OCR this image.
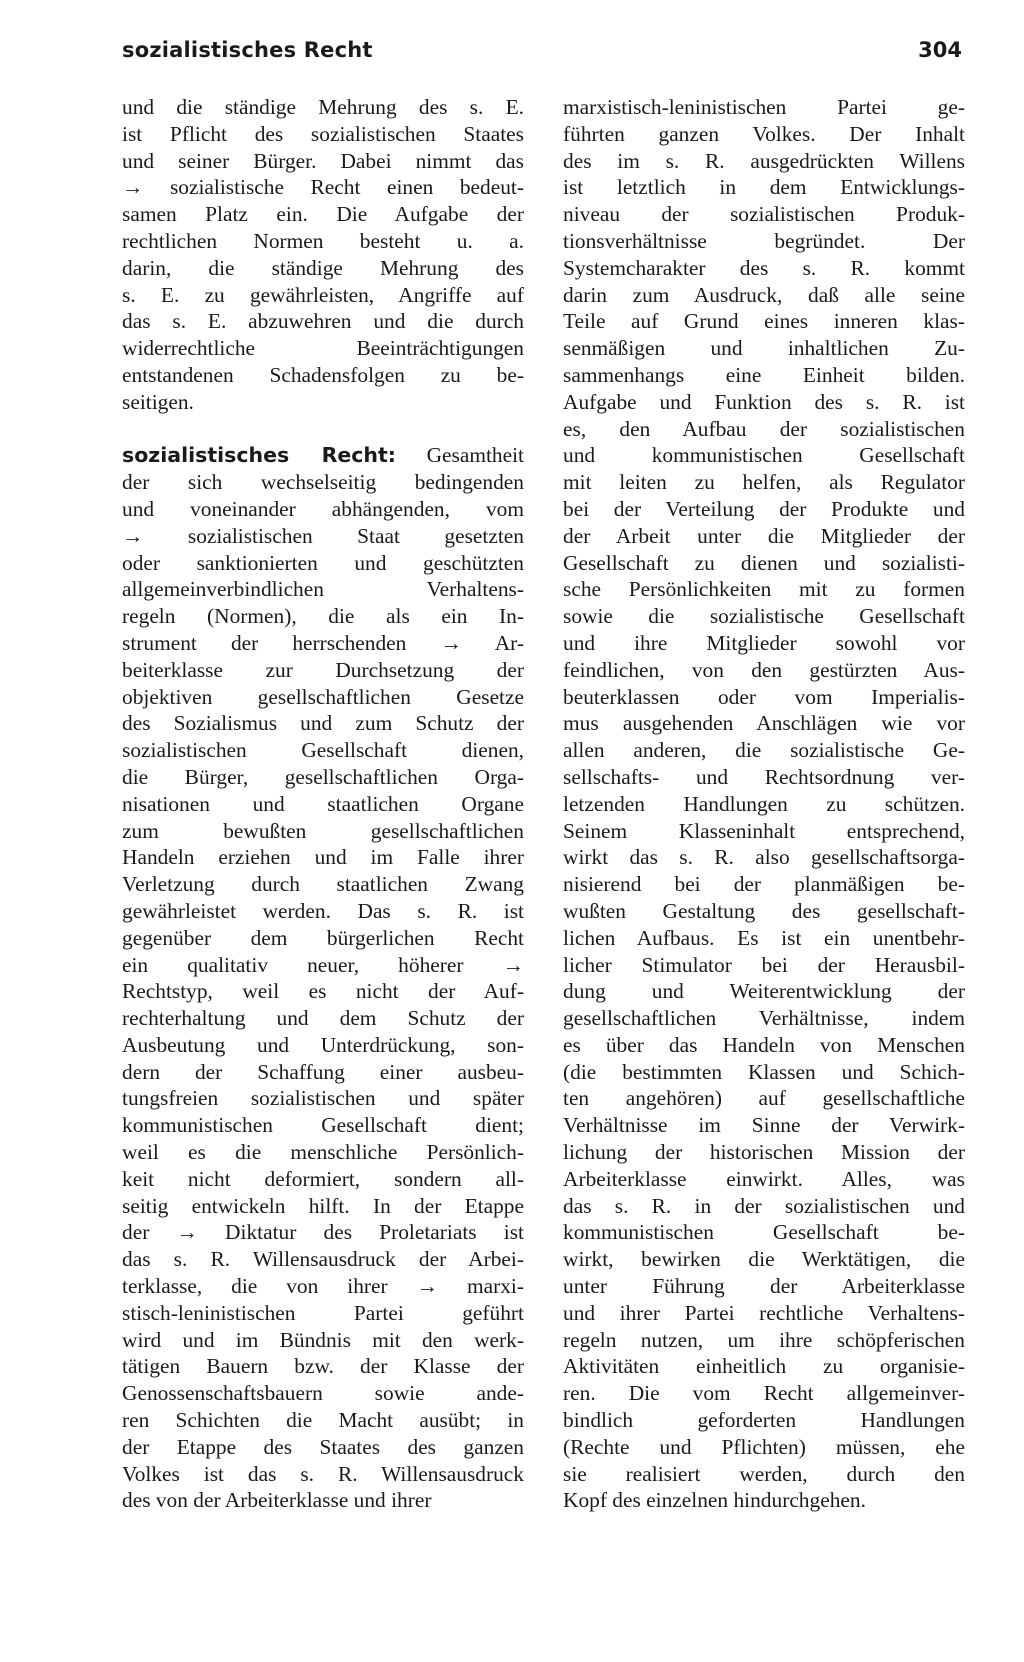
sozialistisches Recht	304
und die ständige Mehrung des s. E.
ist Pflicht des sozialistischen Staates
und seiner Bürger. Dabei nimmt das
→ sozialistische Recht einen bedeut-
samen Platz ein. Die Aufgabe der
rechtlichen Normen besteht u. a.
darin, die ständige Mehrung des
s. E. zu gewährleisten, Angriffe auf
das s. E. abzuwehren und die durch
widerrechtliche Beeinträchtigungen
entstandenen Schadensfolgen zu be-
seitigen.
sozialistisches Recht: Gesamtheit
der sich wechselseitig bedingenden
und voneinander abhängenden, vom
→ sozialistischen Staat gesetzten
oder sanktionierten und geschützten
allgemeinverbindlichen Verhaltens-
regeln (Normen), die als ein In-
strument der herrschenden → Ar-
beiterklasse zur Durchsetzung der
objektiven gesellschaftlichen Gesetze
des Sozialismus und zum Schutz der
sozialistischen Gesellschaft dienen,
die Bürger, gesellschaftlichen Orga-
nisationen und staatlichen Organe
zum bewußten gesellschaftlichen
Handeln erziehen und im Falle ihrer
Verletzung durch staatlichen Zwang
gewährleistet werden. Das s. R. ist
gegenüber dem bürgerlichen Recht
ein qualitativ neuer, höherer →
Rechtstyp, weil es nicht der Auf-
rechterhaltung und dem Schutz der
Ausbeutung und Unterdrückung, son-
dern der Schaffung einer ausbeu-
tungsfreien sozialistischen und später
kommunistischen Gesellschaft dient;
weil es die menschliche Persönlich-
keit nicht deformiert, sondern all-
seitig entwickeln hilft. In der Etappe
der → Diktatur des Proletariats ist
das s. R. Willensausdruck der Arbei-
terklasse, die von ihrer → marxi-
stisch-leninistischen Partei geführt
wird und im Bündnis mit den werk-
tätigen Bauern bzw. der Klasse der
Genossenschaftsbauern sowie ande-
ren Schichten die Macht ausübt; in
der Etappe des Staates des ganzen
Volkes ist das s. R. Willensausdruck
des von der Arbeiterklasse und ihrer
marxistisch-leninistischen Partei ge-
führten ganzen Volkes. Der Inhalt
des im s. R. ausgedrückten Willens
ist letztlich in dem Entwicklungs-
niveau der sozialistischen Produk-
tionsverhältnisse begründet. Der
Systemcharakter des s. R. kommt
darin zum Ausdruck, daß alle seine
Teile auf Grund eines inneren klas-
senmäßigen und inhaltlichen Zu-
sammenhangs eine Einheit bilden.
Aufgabe und Funktion des s. R. ist
es, den Aufbau der sozialistischen
und kommunistischen Gesellschaft
mit leiten zu helfen, als Regulator
bei der Verteilung der Produkte und
der Arbeit unter die Mitglieder der
Gesellschaft zu dienen und sozialisti-
sche Persönlichkeiten mit zu formen
sowie die sozialistische Gesellschaft
und ihre Mitglieder sowohl vor
feindlichen, von den gestürzten Aus-
beuterklassen oder vom Imperialis-
mus ausgehenden Anschlägen wie vor
allen anderen, die sozialistische Ge-
sellschafts- und Rechtsordnung ver-
letzenden Handlungen zu schützen.
Seinem Klasseninhalt entsprechend,
wirkt das s. R. also gesellschaftsorga-
nisierend bei der planmäßigen be-
wußten Gestaltung des gesellschaft-
lichen Aufbaus. Es ist ein unentbehr-
licher Stimulator bei der Herausbil-
dung und Weiterentwicklung der
gesellschaftlichen Verhältnisse, indem
es über das Handeln von Menschen
(die bestimmten Klassen und Schich-
ten angehören) auf gesellschaftliche
Verhältnisse im Sinne der Verwirk-
lichung der historischen Mission der
Arbeiterklasse einwirkt. Alles, was
das s. R. in der sozialistischen und
kommunistischen Gesellschaft be-
wirkt, bewirken die Werktätigen, die
unter Führung der Arbeiterklasse
und ihrer Partei rechtliche Verhaltens-
regeln nutzen, um ihre schöpferischen
Aktivitäten einheitlich zu organisie-
ren. Die vom Recht allgemeinver-
bindlich geforderten Handlungen
(Rechte und Pflichten) müssen, ehe
sie realisiert werden, durch den
Kopf des einzelnen hindurchgehen.
